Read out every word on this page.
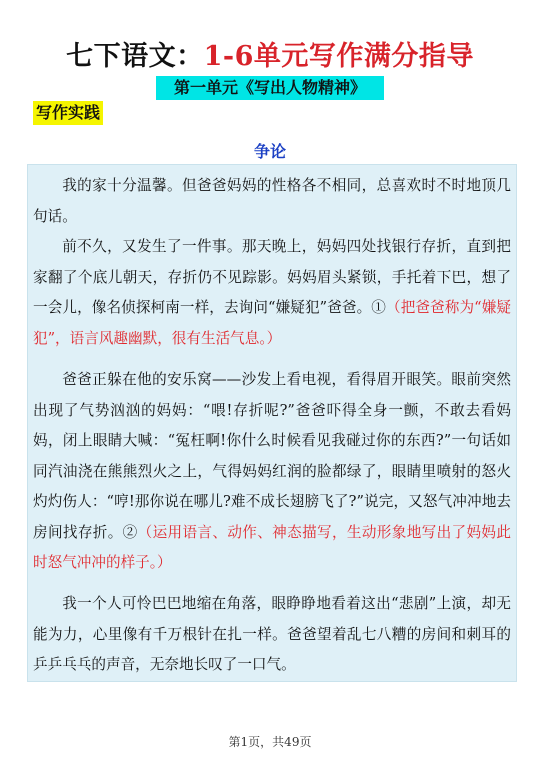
七下语文：1-6单元写作满分指导
第一单元《写出人物精神》
写作实践
争论
我的家十分温馨。但爸爸妈妈的性格各不相同，总喜欢时不时地顶几句话。
前不久，又发生了一件事。那天晚上，妈妈四处找银行存折，直到把家翻了个底儿朝天，存折仍不见踪影。妈妈眉头紧锁，手托着下巴，想了一会儿，像名侦探柯南一样，去询问“嫌疑犯”爸爸。①（把爸爸称为“嫌疑犯”，语言风趣幽默，很有生活气息。）
爸爸正躲在他的安乐窝——沙发上看电视，看得眉开眼笑。眼前突然出现了气势汹汹的妈妈：“喂!存折呢?”爸爸吓得全身一颤，不敢去看妈妈，闭上眼睛大喊：“冤枉啊!你什么时候看见我碰过你的东西?”一句话如同汽油浇在熊熊烈火之上，气得妈妈红润的脸都绿了，眼睛里喷射的怒火灼灼伤人：“哼!那你说在哪儿?难不成长翅膀飞了?”说完，又怒气冲冲地去房间找存折。②（运用语言、动作、神态描写，生动形象地写出了妈妈此时怒气冲冲的样子。）
我一个人可怜巴巴地缩在角落，眼睁睁地看着这出“悲剧”上演，却无能为力，心里像有千万根针在扎一样。爸爸望着乱七八糟的房间和刺耳的乒乒乓乓的声音，无奈地长叹了一口气。
第1页，共49页
